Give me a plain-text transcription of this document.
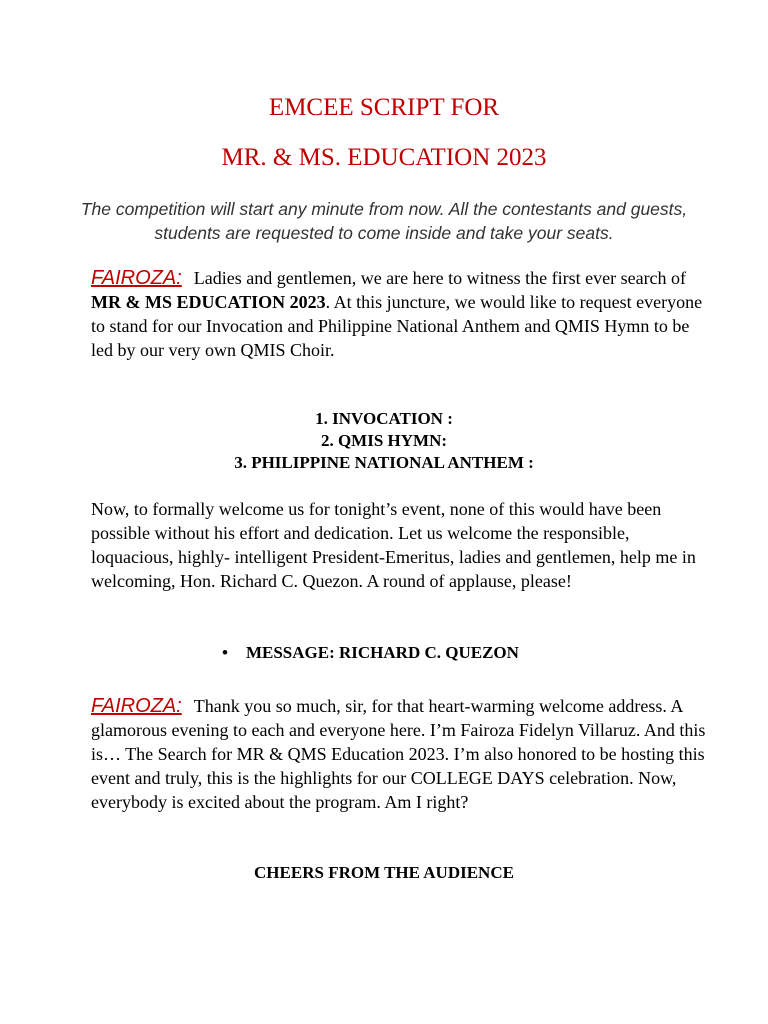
EMCEE SCRIPT FOR

MR. & MS. EDUCATION 2023

The competition will start any minute from now. All the contestants and guests, students are requested to come inside and take your seats.

FAIROZA: Ladies and gentlemen, we are here to witness the first ever search of MR & MS EDUCATION 2023. At this juncture, we would like to request everyone to stand for our Invocation and Philippine National Anthem and QMIS Hymn to be led by our very own QMIS Choir.

1. INVOCATION :
2. QMIS HYMN:
3. PHILIPPINE NATIONAL ANTHEM :

Now, to formally welcome us for tonight’s event, none of this would have been possible without his effort and dedication. Let us welcome the responsible, loquacious, highly- intelligent President-Emeritus, ladies and gentlemen, help me in welcoming, Hon. Richard C. Quezon. A round of applause, please!

• MESSAGE: RICHARD C. QUEZON

FAIROZA: Thank you so much, sir, for that heart-warming welcome address. A glamorous evening to each and everyone here. I’m Fairoza Fidelyn Villaruz. And this is… The Search for MR & QMS Education 2023. I’m also honored to be hosting this event and truly, this is the highlights for our COLLEGE DAYS celebration. Now, everybody is excited about the program. Am I right?

CHEERS FROM THE AUDIENCE
